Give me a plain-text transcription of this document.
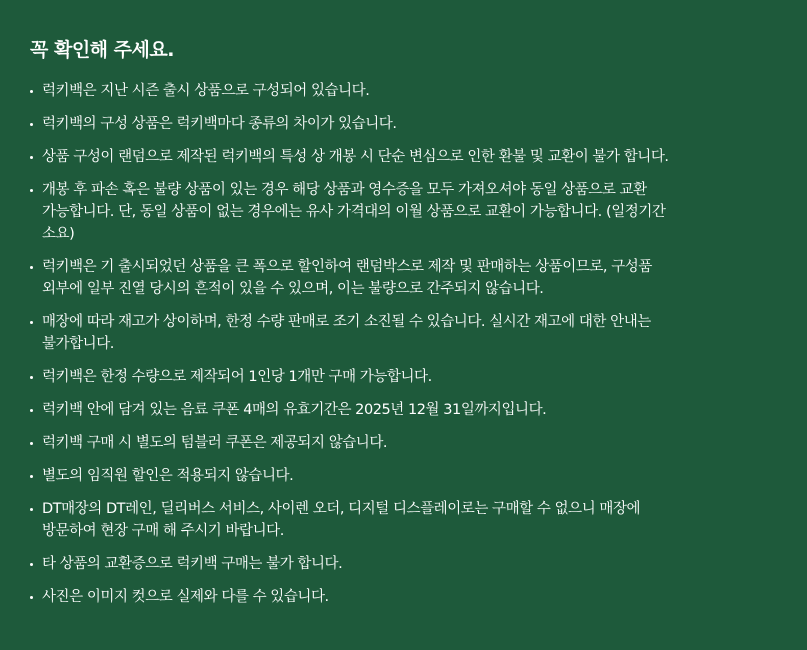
꼭 확인해 주세요.
럭키백은 지난 시즌 출시 상품으로 구성되어 있습니다.
럭키백의 구성 상품은 럭키백마다 종류의 차이가 있습니다.
상품 구성이 랜덤으로 제작된 럭키백의 특성 상 개봉 시 단순 변심으로 인한 환불 및 교환이 불가 합니다.
개봉 후 파손 혹은 불량 상품이 있는 경우 해당 상품과 영수증을 모두 가져오셔야 동일 상품으로 교환
가능합니다. 단, 동일 상품이 없는 경우에는 유사 가격대의 이월 상품으로 교환이 가능합니다. (일정기간
소요)
럭키백은 기 출시되었던 상품을 큰 폭으로 할인하여 랜덤박스로 제작 및 판매하는 상품이므로, 구성품
외부에 일부 진열 당시의 흔적이 있을 수 있으며, 이는 불량으로 간주되지 않습니다.
매장에 따라 재고가 상이하며, 한정 수량 판매로 조기 소진될 수 있습니다. 실시간 재고에 대한 안내는
불가합니다.
럭키백은 한정 수량으로 제작되어 1인당 1개만 구매 가능합니다.
럭키백 안에 담겨 있는 음료 쿠폰 4매의 유효기간은 2025년 12월 31일까지입니다.
럭키백 구매 시 별도의 텀블러 쿠폰은 제공되지 않습니다.
별도의 임직원 할인은 적용되지 않습니다.
DT매장의 DT레인, 딜리버스 서비스, 사이렌 오더, 디지털 디스플레이로는 구매할 수 없으니 매장에
방문하여 현장 구매 해 주시기 바랍니다.
타 상품의 교환증으로 럭키백 구매는 불가 합니다.
사진은 이미지 컷으로 실제와 다를 수 있습니다.
